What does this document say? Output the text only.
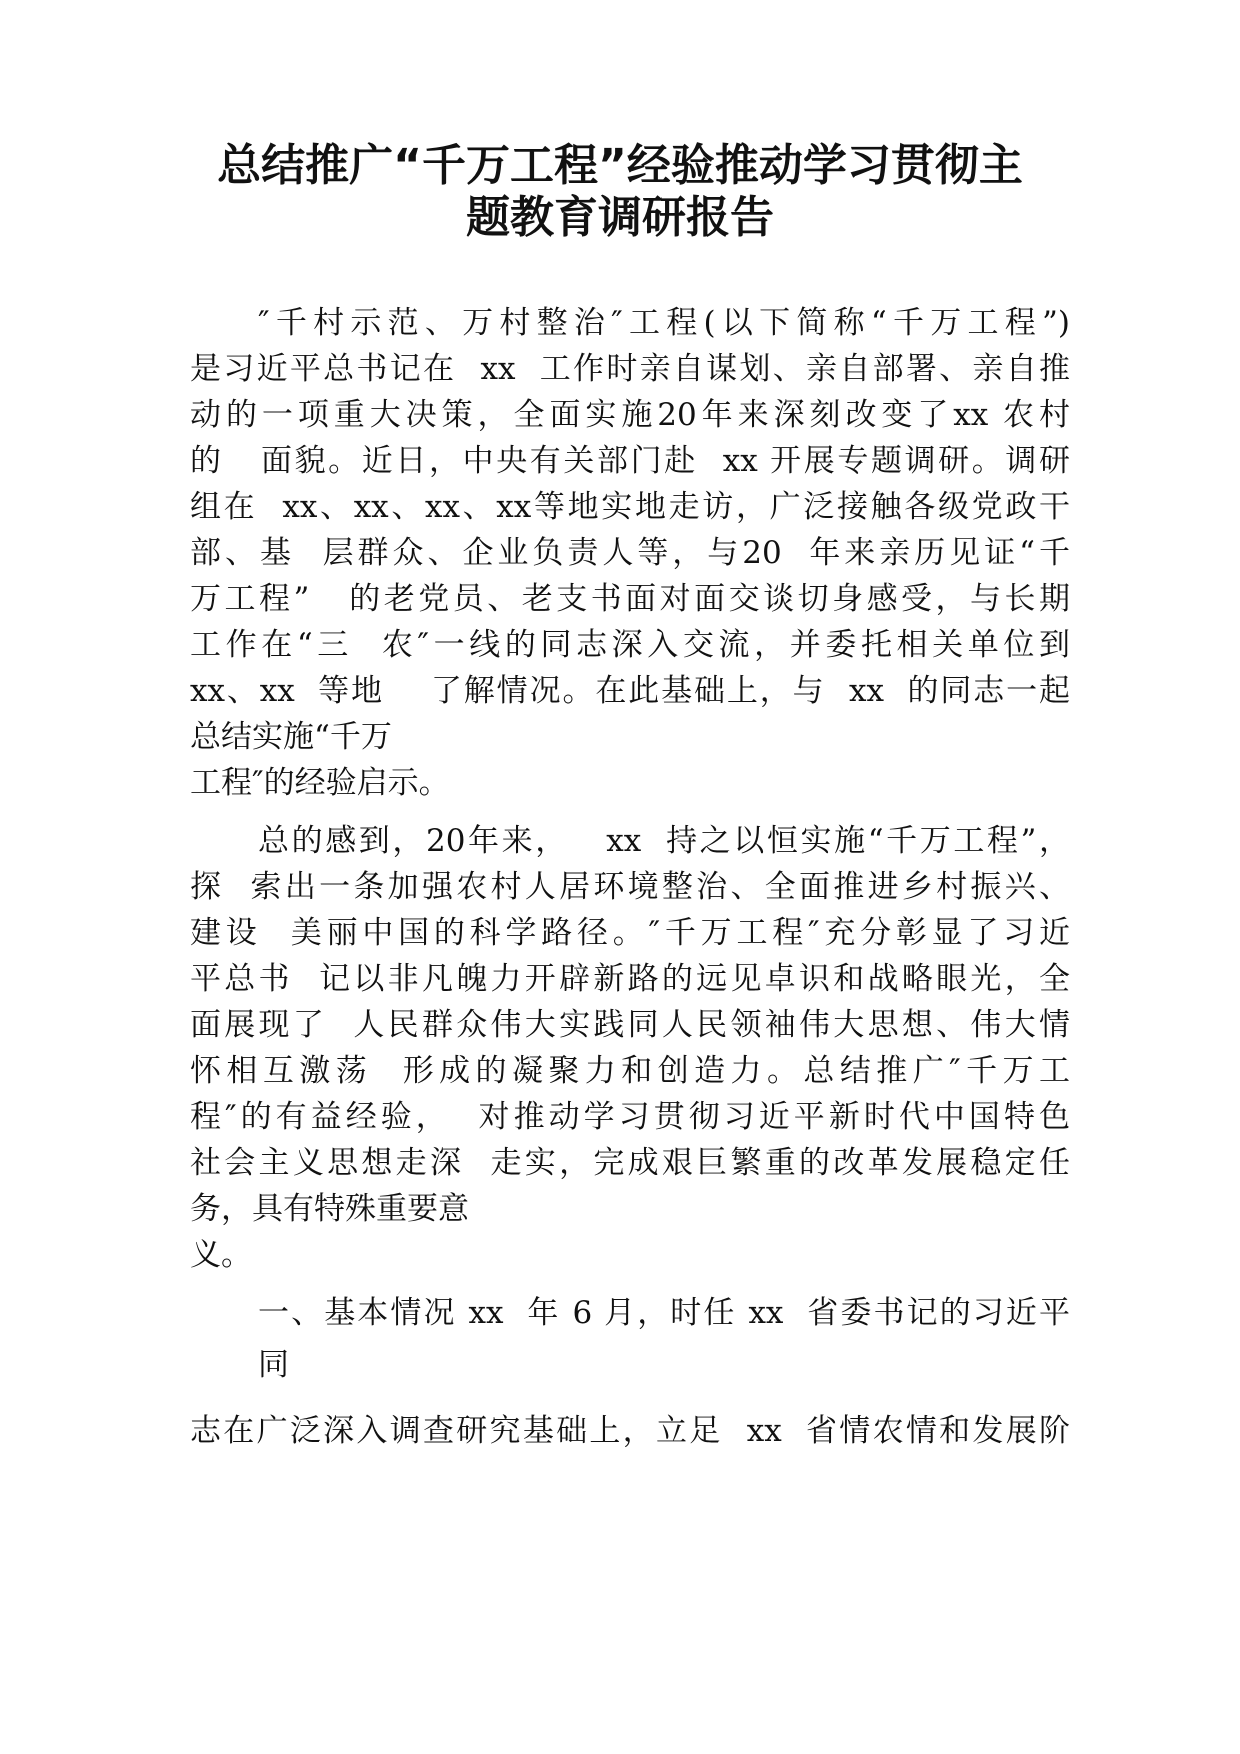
总结推广“千万工程”经验推动学习贯彻主
题教育调研报告

″千村示范、万村整治″工程(以下简称“千万工程”)

是习近平总书记在  xx  工作时亲自谋划、亲自部署、亲自推

动的一项重大决策，全面实施20年来深刻改变了xx 农村

的   面貌。近日，中央有关部门赴  xx 开展专题调研。调研

组在  xx、xx、xx、xx等地实地走访，广泛接触各级党政干

部、基  层群众、企业负责人等，与20  年来亲历见证“千

万工程”   的老党员、老支书面对面交谈切身感受，与长期

工作在“三  农″一线的同志深入交流，并委托相关单位到

xx、xx  等地    了解情况。在此基础上，与  xx  的同志一起

总结实施“千万

工程″的经验启示。

总的感到，20年来，   xx  持之以恒实施“千万工程”，

探  索出一条加强农村人居环境整治、全面推进乡村振兴、

建设  美丽中国的科学路径。″千万工程″充分彰显了习近

平总书  记以非凡魄力开辟新路的远见卓识和战略眼光，全

面展现了  人民群众伟大实践同人民领袖伟大思想、伟大情

怀相互激荡  形成的凝聚力和创造力。总结推广″千万工

程″的有益经验，  对推动学习贯彻习近平新时代中国特色

社会主义思想走深  走实，完成艰巨繁重的改革发展稳定任

务，具有特殊重要意

义。

一、基本情况 xx  年 6 月，时任 xx  省委书记的习近平

同

志在广泛深入调查研究基础上，立足  xx  省情农情和发展阶
